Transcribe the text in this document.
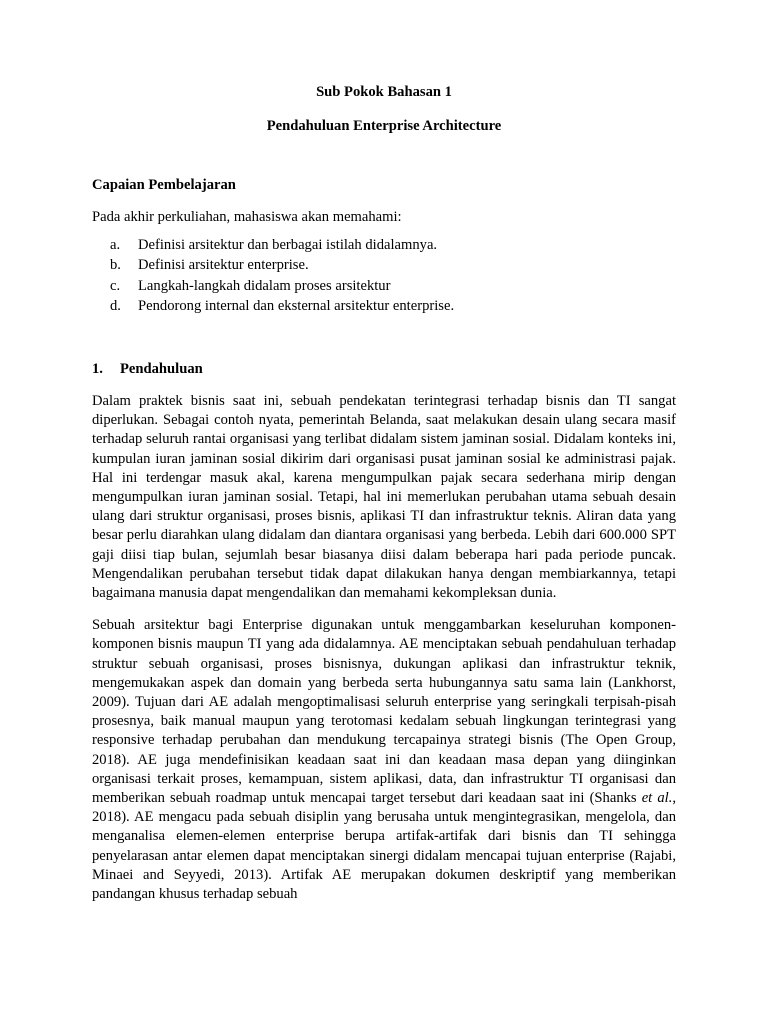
Sub Pokok Bahasan 1

Pendahuluan Enterprise Architecture

Capaian Pembelajaran

Pada akhir perkuliahan, mahasiswa akan memahami:

a.	Definisi arsitektur dan berbagai istilah didalamnya.
b.	Definisi arsitektur enterprise.
c.	Langkah-langkah didalam proses arsitektur
d.	Pendorong internal dan eksternal arsitektur enterprise.

1.	Pendahuluan

Dalam praktek bisnis saat ini, sebuah pendekatan terintegrasi terhadap bisnis dan TI sangat diperlukan. Sebagai contoh nyata, pemerintah Belanda, saat melakukan desain ulang secara masif terhadap seluruh rantai organisasi yang terlibat didalam sistem jaminan sosial. Didalam konteks ini, kumpulan iuran jaminan sosial dikirim dari organisasi pusat jaminan sosial ke administrasi pajak. Hal ini terdengar masuk akal, karena mengumpulkan pajak secara sederhana mirip dengan mengumpulkan iuran jaminan sosial. Tetapi, hal ini memerlukan perubahan utama sebuah desain ulang dari struktur organisasi, proses bisnis, aplikasi TI dan infrastruktur teknis. Aliran data yang besar perlu diarahkan ulang didalam dan diantara organisasi yang berbeda. Lebih dari 600.000 SPT gaji diisi tiap bulan, sejumlah besar biasanya diisi dalam beberapa hari pada periode puncak. Mengendalikan perubahan tersebut tidak dapat dilakukan hanya dengan membiarkannya, tetapi bagaimana manusia dapat mengendalikan dan memahami kekompleksan dunia.

Sebuah arsitektur bagi Enterprise digunakan untuk menggambarkan keseluruhan komponen-komponen bisnis maupun TI yang ada didalamnya. AE menciptakan sebuah pendahuluan terhadap struktur sebuah organisasi, proses bisnisnya, dukungan aplikasi dan infrastruktur teknik, mengemukakan aspek dan domain yang berbeda serta hubungannya satu sama lain (Lankhorst, 2009). Tujuan dari AE adalah mengoptimalisasi seluruh enterprise yang seringkali terpisah-pisah prosesnya, baik manual maupun yang terotomasi kedalam sebuah lingkungan terintegrasi yang responsive terhadap perubahan dan mendukung tercapainya strategi bisnis (The Open Group, 2018). AE juga mendefinisikan keadaan saat ini dan keadaan masa depan yang diinginkan organisasi terkait proses, kemampuan, sistem aplikasi, data, dan infrastruktur TI organisasi dan memberikan sebuah roadmap untuk mencapai target tersebut dari keadaan saat ini (Shanks et al., 2018). AE mengacu pada sebuah disiplin yang berusaha untuk mengintegrasikan, mengelola, dan menganalisa elemen-elemen enterprise berupa artifak-artifak dari bisnis dan TI sehingga penyelarasan antar elemen dapat menciptakan sinergi didalam mencapai tujuan enterprise (Rajabi, Minaei and Seyyedi, 2013). Artifak AE merupakan dokumen deskriptif yang memberikan pandangan khusus terhadap sebuah
